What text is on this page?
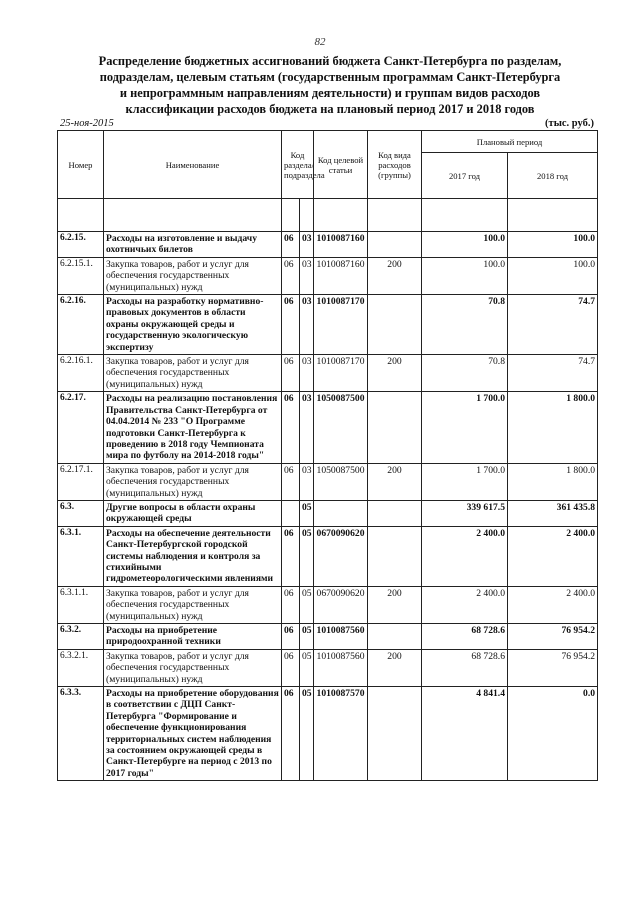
82
Распределение бюджетных ассигнований бюджета Санкт-Петербурга по разделам,
подразделам, целевым статьям (государственным программам Санкт-Петербурга
и непрограммным направлениям деятельности) и группам видов расходов
классификации расходов бюджета на плановый период 2017 и 2018 годов
25-ноя-2015	(тыс. руб.)
Номер	Наименование	Код раздела/ подраздела		Код целевой статьи	Код вида расходов (группы)	Плановый период	
						2017 год	2018 год

6.2.15.	Расходы на изготовление и выдачу охотничьих билетов	06	03	1010087160		100.0	100.0
6.2.15.1.	Закупка товаров, работ и услуг для обеспечения государственных (муниципальных) нужд	06	03	1010087160	200	100.0	100.0
6.2.16.	Расходы на разработку нормативно-правовых документов в области охраны окружающей среды и государственную экологическую экспертизу	06	03	1010087170		70.8	74.7
6.2.16.1.	Закупка товаров, работ и услуг для обеспечения государственных (муниципальных) нужд	06	03	1010087170	200	70.8	74.7
6.2.17.	Расходы на реализацию постановления Правительства Санкт-Петербурга от 04.04.2014 № 233 "О Программе подготовки Санкт-Петербурга к проведению в 2018 году Чемпионата мира по футболу на 2014-2018 годы"	06	03	1050087500		1 700.0	1 800.0
6.2.17.1.	Закупка товаров, работ и услуг для обеспечения государственных (муниципальных) нужд	06	03	1050087500	200	1 700.0	1 800.0
6.3.	Другие вопросы в области охраны окружающей среды		05			339 617.5	361 435.8
6.3.1.	Расходы на обеспечение деятельности Санкт-Петербургской городской системы наблюдения и контроля за стихийными гидрометеорологическими явлениями	06	05	0670090620		2 400.0	2 400.0
6.3.1.1.	Закупка товаров, работ и услуг для обеспечения государственных (муниципальных) нужд	06	05	0670090620	200	2 400.0	2 400.0
6.3.2.	Расходы на приобретение природоохранной техники	06	05	1010087560		68 728.6	76 954.2
6.3.2.1.	Закупка товаров, работ и услуг для обеспечения государственных (муниципальных) нужд	06	05	1010087560	200	68 728.6	76 954.2
6.3.3.	Расходы на приобретение оборудования в соответствии с ДЦП Санкт-Петербурга "Формирование и обеспечение функционирования территориальных систем наблюдения за состоянием окружающей среды в Санкт-Петербурге на период с 2013 по 2017 годы"	06	05	1010087570		4 841.4	0.0
